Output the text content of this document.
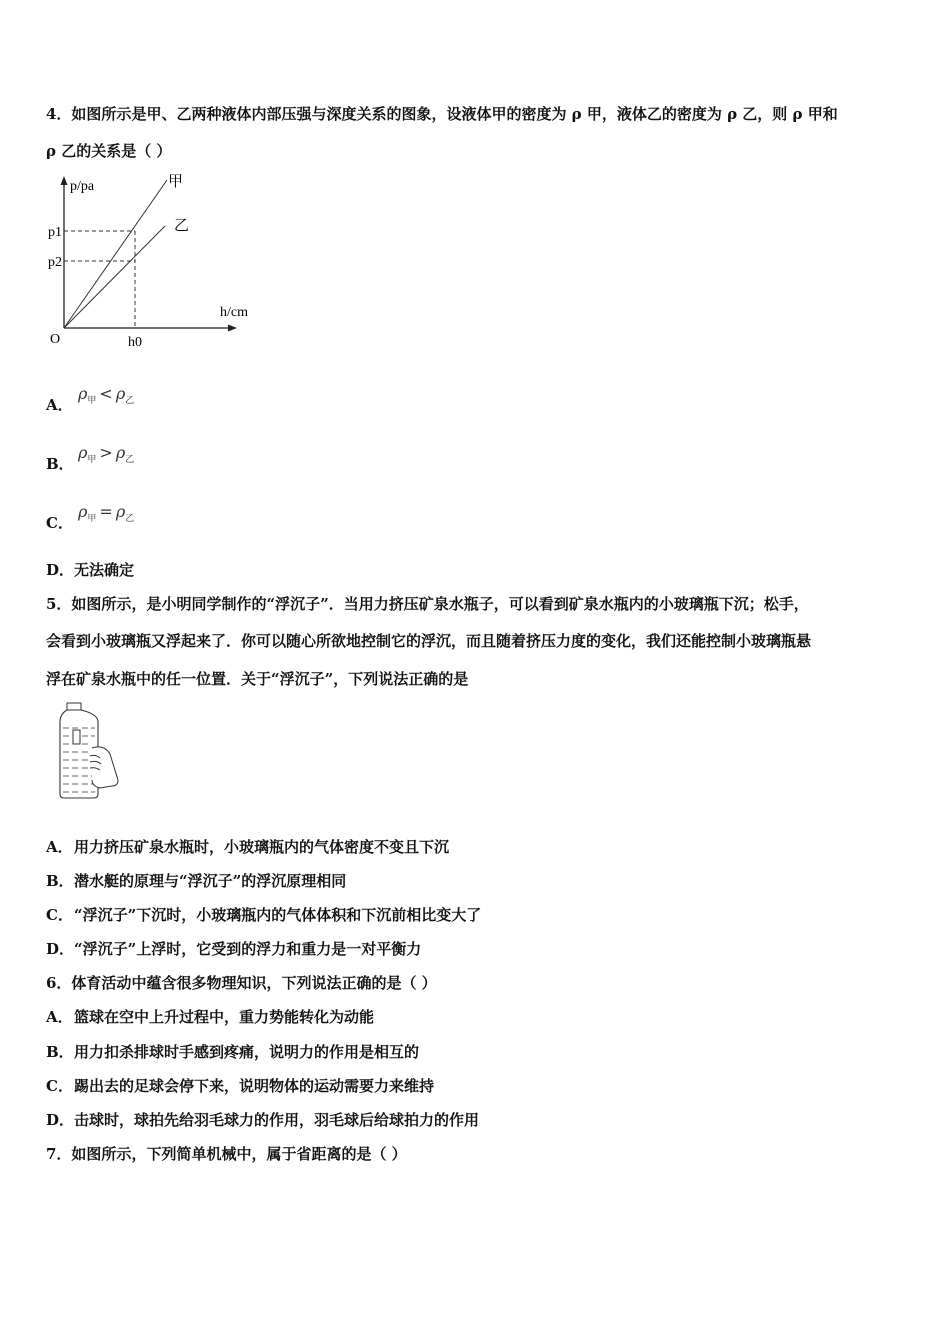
4．如图所示是甲、乙两种液体内部压强与深度关系的图象，设液体甲的密度为 ρ 甲，液体乙的密度为 ρ 乙，则 ρ 甲和
ρ 乙的关系是（ ）
p/pa
h/cm
O
p1
p2
h0
甲
乙
A．
$\rho_甲 < \rho_乙$
B．
$\rho_甲 > \rho_乙$
C．
$\rho_甲 = \rho_乙$
D．无法确定
5．如图所示，是小明同学制作的“浮沉子”．当用力挤压矿泉水瓶子，可以看到矿泉水瓶内的小玻璃瓶下沉；松手，
会看到小玻璃瓶又浮起来了．你可以随心所欲地控制它的浮沉，而且随着挤压力度的变化，我们还能控制小玻璃瓶悬
浮在矿泉水瓶中的任一位置．关于“浮沉子”，下列说法正确的是
A．用力挤压矿泉水瓶时，小玻璃瓶内的气体密度不变且下沉
B．潜水艇的原理与“浮沉子”的浮沉原理相同
C．“浮沉子”下沉时，小玻璃瓶内的气体体积和下沉前相比变大了
D．“浮沉子”上浮时，它受到的浮力和重力是一对平衡力
6．体育活动中蕴含很多物理知识，下列说法正确的是（ ）
A．篮球在空中上升过程中，重力势能转化为动能
B．用力扣杀排球时手感到疼痛，说明力的作用是相互的
C．踢出去的足球会停下来，说明物体的运动需要力来维持
D．击球时，球拍先给羽毛球力的作用，羽毛球后给球拍力的作用
7．如图所示，下列简单机械中，属于省距离的是（ ）
